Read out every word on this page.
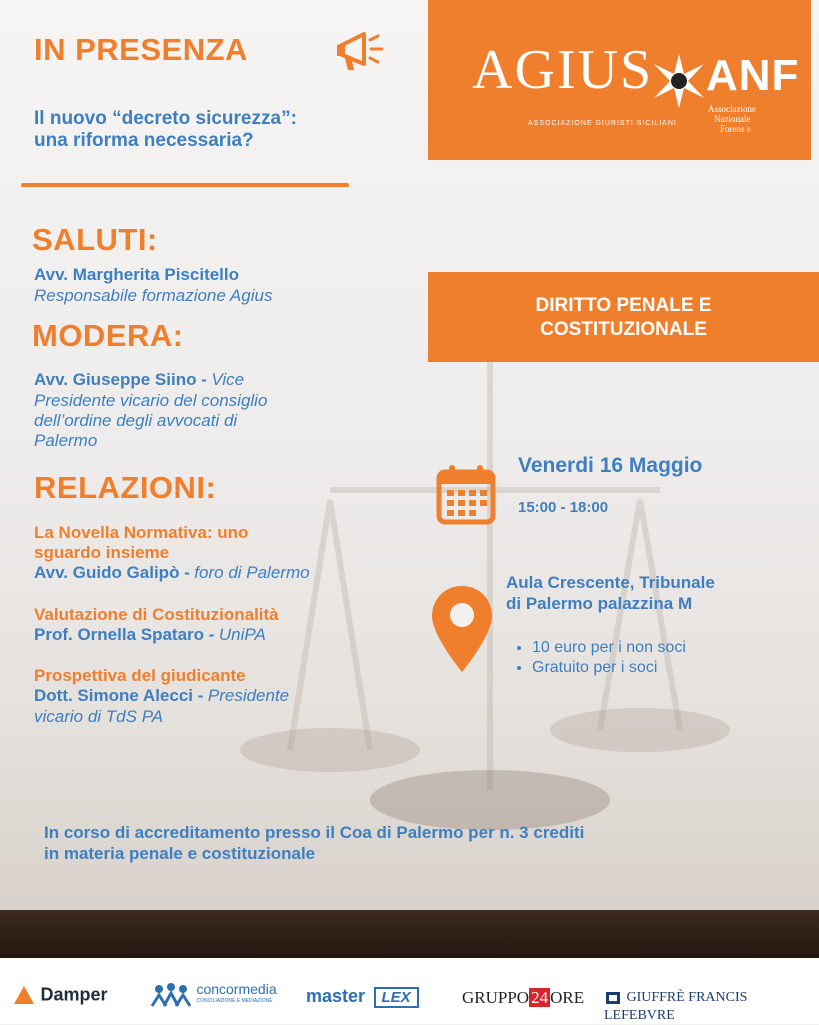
IN PRESENZA
Il nuovo “decreto sicurezza”:
una riforma necessaria?
AGIUS
ASSOCIAZIONE GIURISTI SICILIANI
ANF
Associazione
Nazionale
Forens e
SALUTI:
Avv. Margherita Piscitello
Responsabile formazione Agius
MODERA:
Avv. Giuseppe Siino - Vice
Presidente vicario del consiglio
dell’ordine degli avvocati di
Palermo
RELAZIONI:
La Novella Normativa: uno
sguardo insieme
Avv. Guido Galipò - foro di Palermo
Valutazione di Costituzionalità
Prof. Ornella Spataro - UniPA
Prospettiva del giudicante
Dott. Simone Alecci - Presidente
vicario di TdS PA
DIRITTO PENALE E
COSTITUZIONALE
Venerdi 16 Maggio
15:00 - 18:00
Aula Crescente, Tribunale
di Palermo palazzina M
• 10 euro per i non soci
• Gratuito per i soci
In corso di accreditamento presso il Coa di Palermo per n. 3 crediti
in materia penale e costituzionale
Damper
	concormedia
CONCILIAZIONE E MEDIAZIONE master LEX	GRUPPO 24 ORE	GIUFFRÈ FRANCIS LEFEBVRE
